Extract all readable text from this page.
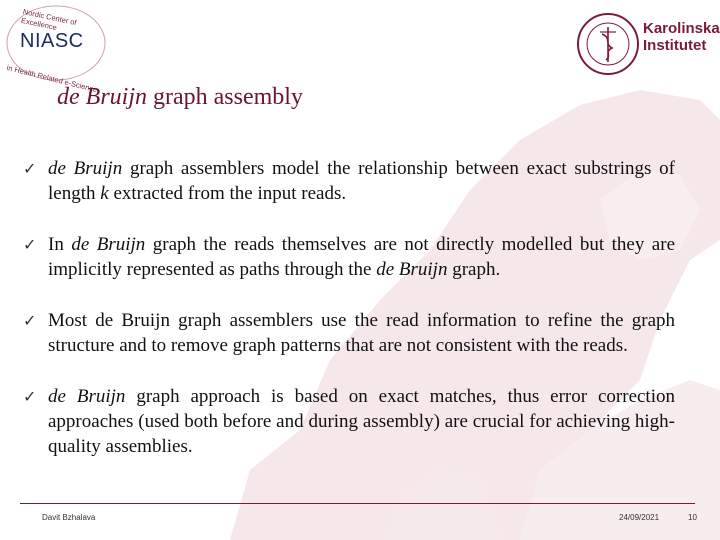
Nordic Center of Excellence
NIASC
in Health Related e-Science
Karolinska
Institutet
de Bruijn graph assembly
✓ de Bruijn graph assemblers model the relationship between exact substrings of length k extracted from the input reads.
✓ In de Bruijn graph the reads themselves are not directly modelled but they are implicitly represented as paths through the de Bruijn graph.
✓ Most de Bruijn graph assemblers use the read information to refine the graph structure and to remove graph patterns that are not consistent with the reads.
✓ de Bruijn graph approach is based on exact matches, thus error correction approaches (used both before and during assembly) are crucial for achieving high-quality assemblies.
Davit Bzhalava	24/09/2021	10
